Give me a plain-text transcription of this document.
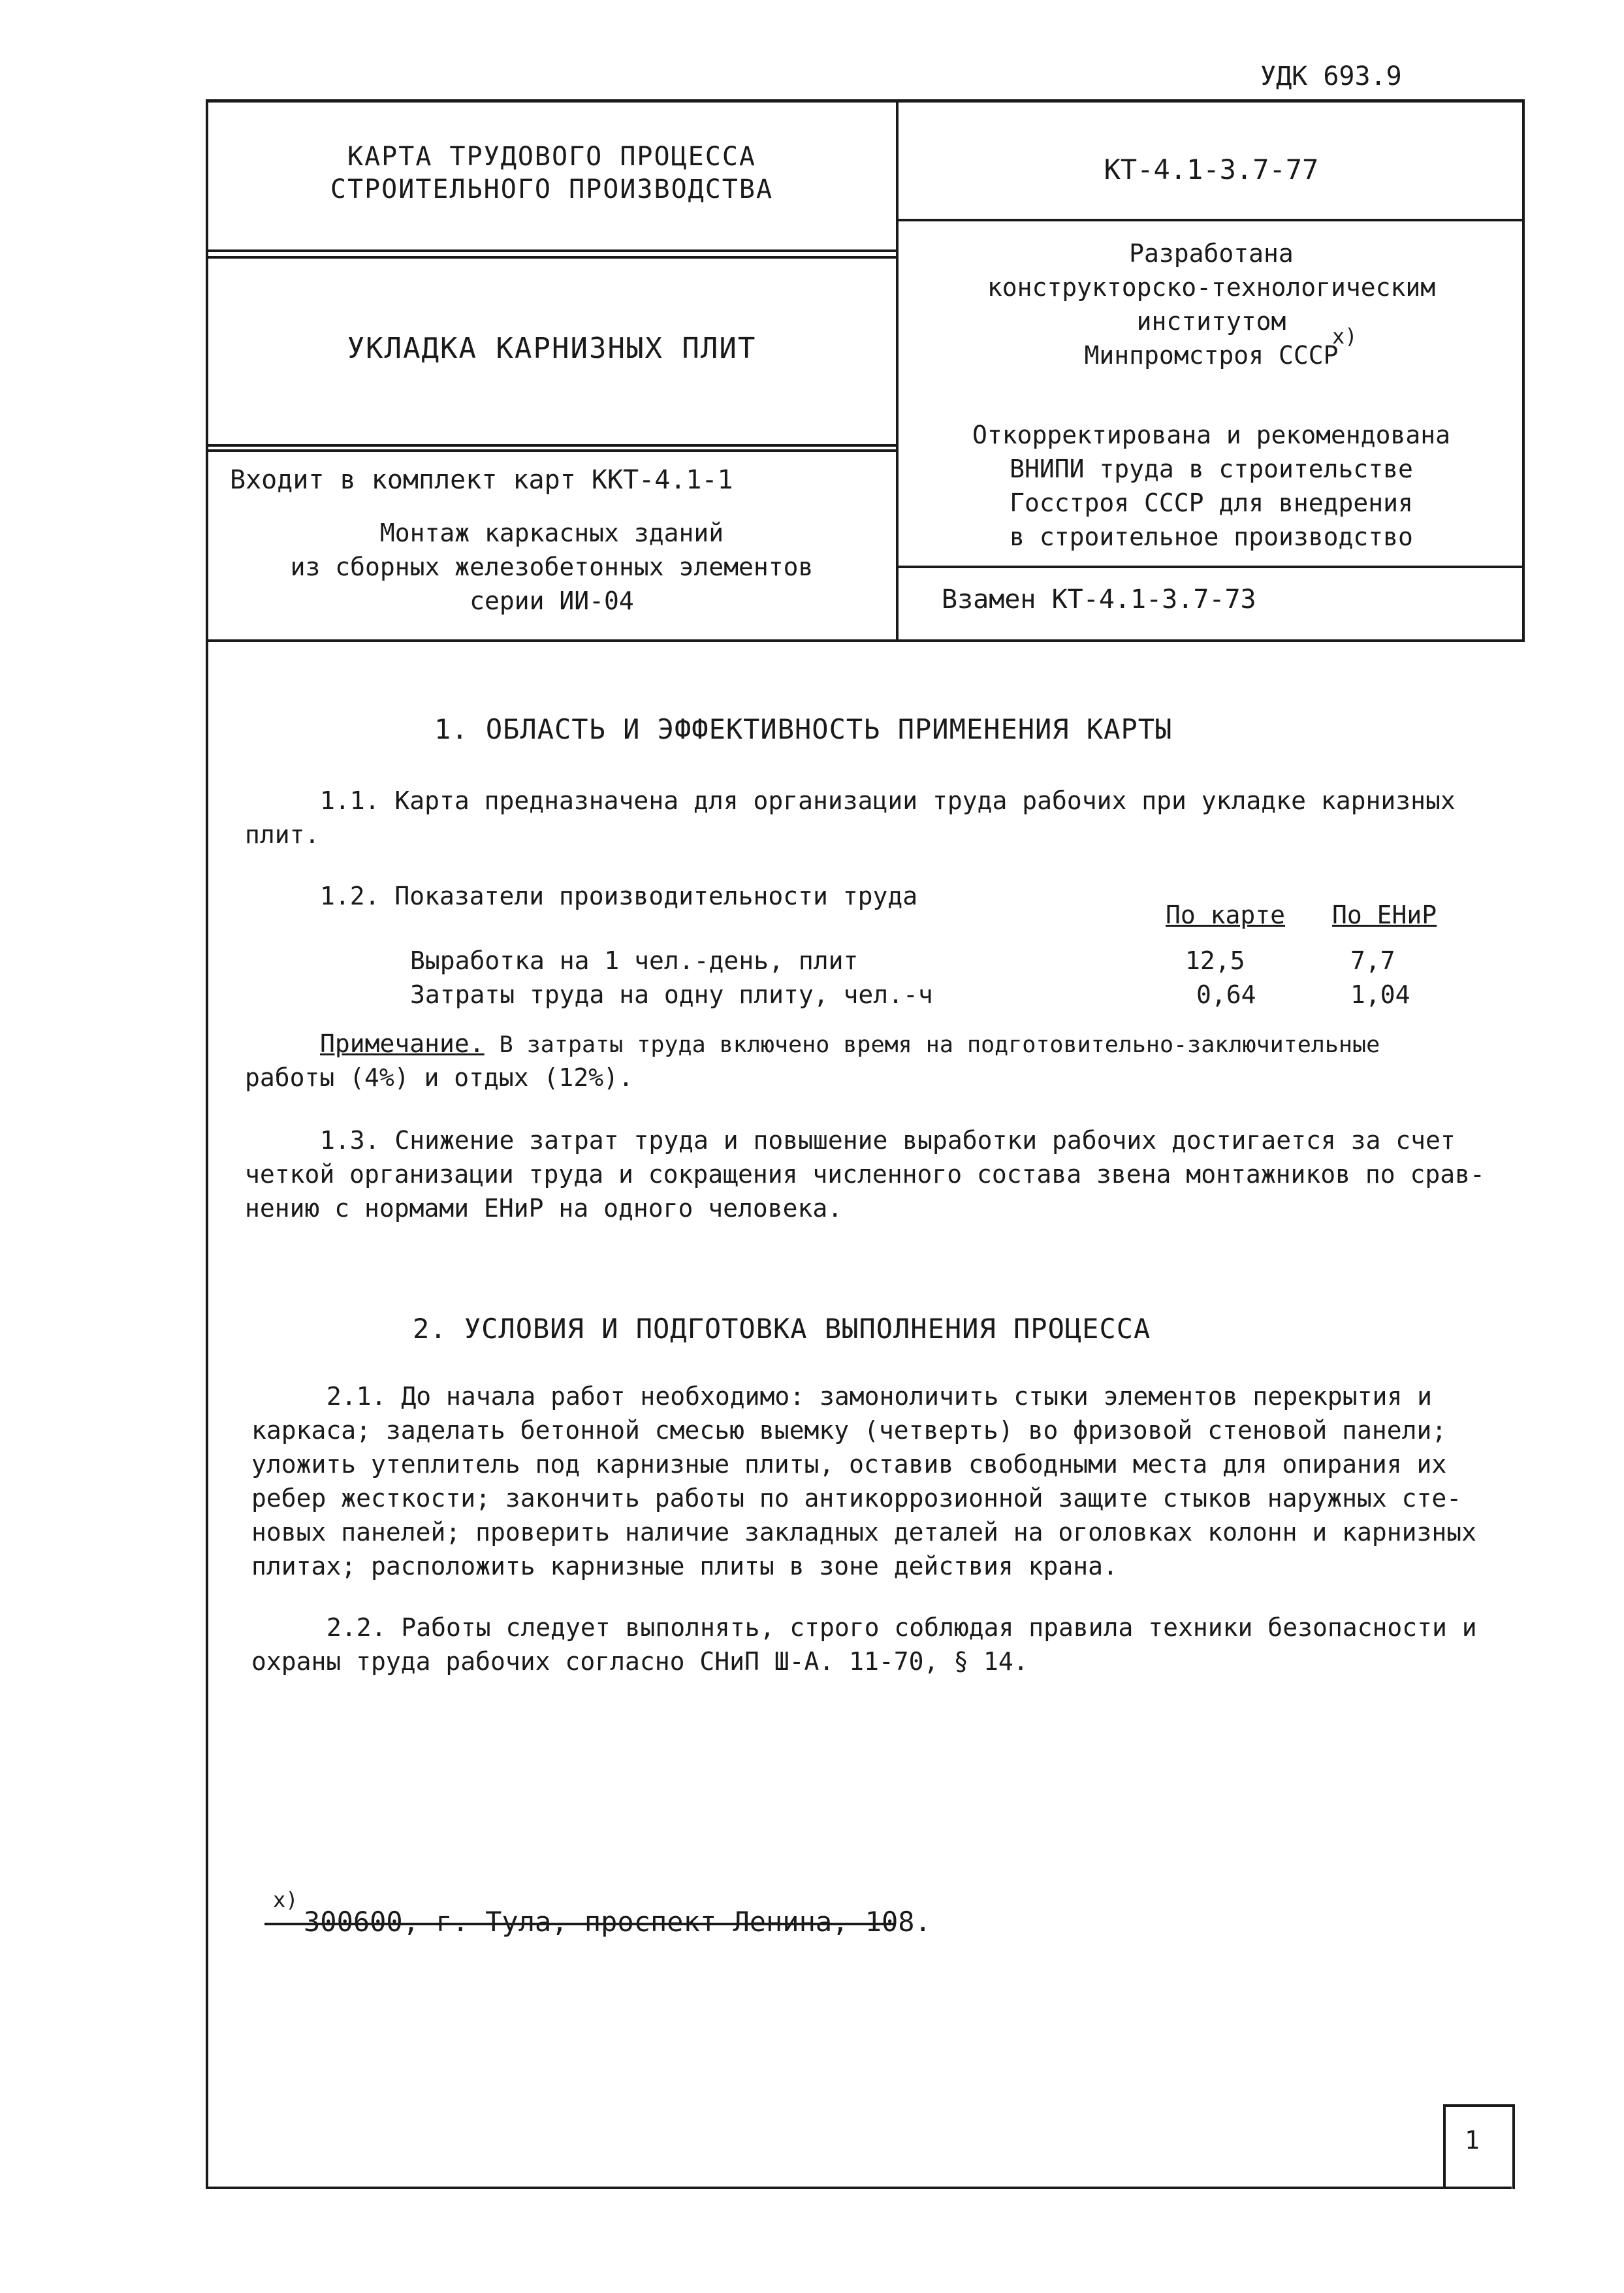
УДК 693.9
КАРТА ТРУДОВОГО ПРОЦЕССА
СТРОИТЕЛЬНОГО ПРОИЗВОДСТВА
КТ-4.1-3.7-77
УКЛАДКА КАРНИЗНЫХ ПЛИТ
Разработана
конструкторско-технологическим
институтом
Минпромстроя СССР
x)
Откорректирована и рекомендована
ВНИПИ труда в строительстве
Госстроя СССР для внедрения
в строительное производство
Входит в комплект карт ККТ-4.1-1
Монтаж каркасных зданий
из сборных железобетонных элементов
серии ИИ-04	Взамен КТ-4.1-3.7-73
1. ОБЛАСТЬ И ЭФФЕКТИВНОСТЬ ПРИМЕНЕНИЯ КАРТЫ
1.1. Карта предназначена для организации труда рабочих при укладке карнизных
плит.
1.2. Показатели производительности труда
По карте По ЕНиР
Выработка на 1 чел.-день, плит	12,5	7,7
Затраты труда на одну плиту, чел.-ч	0,64	1,04
Примечание. В затраты труда включено время на подготовительно-заключительные
работы (4%) и отдых (12%).
1.3. Снижение затрат труда и повышение выработки рабочих достигается за счет
четкой организации труда и сокращения численного состава звена монтажников по срав-
нению с нормами ЕНиР на одного человека.
2. УСЛОВИЯ И ПОДГОТОВКА ВЫПОЛНЕНИЯ ПРОЦЕССА
2.1. До начала работ необходимо: замоноличить стыки элементов перекрытия и
каркаса; заделать бетонной смесью выемку (четверть) во фризовой стеновой панели;
уложить утеплитель под карнизные плиты, оставив свободными места для опирания их
ребер жесткости; закончить работы по антикоррозионной защите стыков наружных сте-
новых панелей; проверить наличие закладных деталей на оголовках колонн и карнизных
плитах; расположить карнизные плиты в зоне действия крана.
2.2. Работы следует выполнять, строго соблюдая правила техники безопасности и
охраны труда рабочих согласно СНиП Ш-А. 11-70, § 14.
x)
300600, г. Тула, проспект Ленина, 108.
1
